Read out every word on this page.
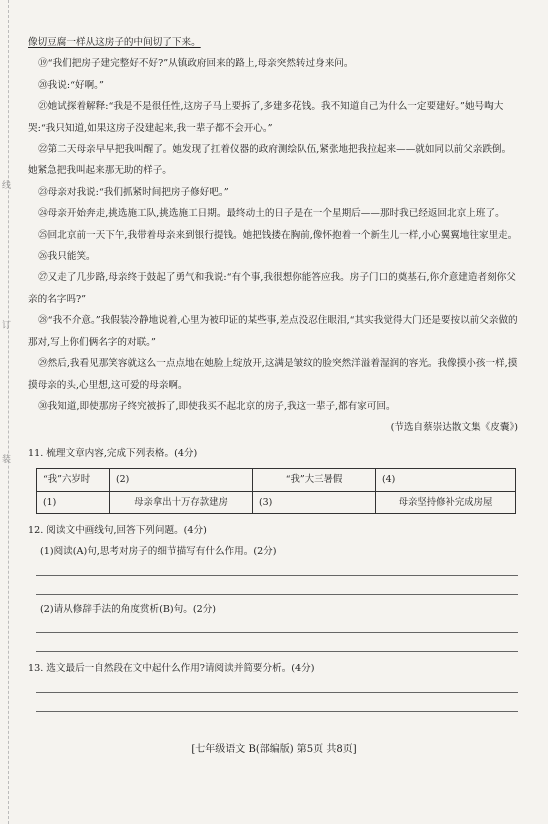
线
订
装

像切豆腐一样从这房子的中间切了下来。

⑲“我们把房子建完整好不好?”从镇政府回来的路上,母亲突然转过身来问。

⑳我说:“好啊。”

㉑她试探着解释:“我是不是很任性,这房子马上要拆了,多建多花钱。我不知道自己为什么一定要建好。”她号啕大哭:“我只知道,如果这房子没建起来,我一辈子都不会开心。”

㉒第二天母亲早早把我叫醒了。她发现了扛着仪器的政府测绘队伍,紧张地把我拉起来——就如同以前父亲跌倒。她紧急把我叫起来那无助的样子。

㉓母亲对我说:“我们抓紧时间把房子修好吧。”

㉔母亲开始奔走,挑选施工队,挑选施工日期。最终动土的日子是在一个星期后——那时我已经返回北京上班了。

㉕回北京前一天下午,我带着母亲来到银行提钱。她把钱搂在胸前,像怀抱着一个新生儿一样,小心翼翼地往家里走。

㉖我只能笑。

㉗又走了几步路,母亲终于鼓起了勇气和我说:“有个事,我很想你能答应我。房子门口的奠基石,你介意建造者刻你父亲的名字吗?”

㉘“我不介意。”我假装冷静地说着,心里为被印证的某些事,差点没忍住眼泪,“其实我觉得大门还是要按以前父亲做的那对,写上你们俩名字的对联。”

㉙然后,我看见那笑容就这么一点点地在她脸上绽放开,这满是皱纹的脸突然洋溢着湿润的容光。我像摸小孩一样,摸摸母亲的头,心里想,这可爱的母亲啊。

㉚我知道,即使那房子终究被拆了,即使我买不起北京的房子,我这一辈子,都有家可回。

(节选自蔡崇达散文集《皮囊》)

11. 梳理文章内容,完成下列表格。(4分)

“我”六岁时	(2)	“我”大三暑假	(4)
(1)	母亲拿出十万存款建房	(3)	母亲坚持修补完成房屋

12. 阅读文中画线句,回答下列问题。(4分)

(1)阅读(A)句,思考对房子的细节描写有什么作用。(2分)

(2)请从修辞手法的角度赏析(B)句。(2分)

13. 选文最后一自然段在文中起什么作用?请阅读并简要分析。(4分)

[七年级语文 B(部编版) 第5页 共8页]
